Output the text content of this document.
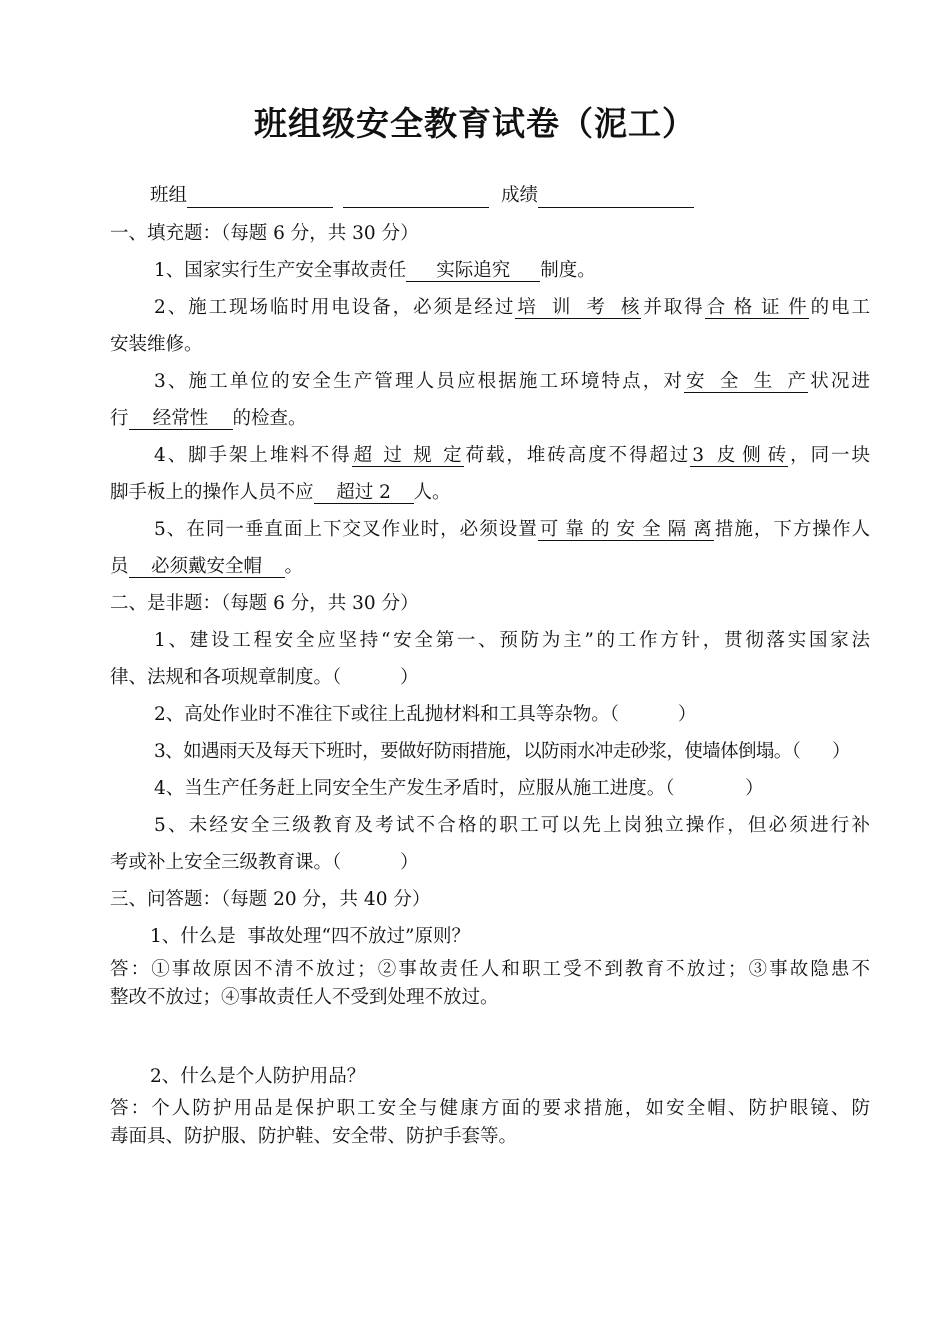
班组级安全教育试卷（泥工）
班组	成绩
一、填充题：（每题 6 分，共 30 分）
1、国家实行生产安全事故责任 实际追究 制度。
2、施工现场临时用电设备，必须是经过 培训考核 并取得 合格证件 的电工
安装维修。
3、施工单位的安全生产管理人员应根据施工环境特点，对 安全生产 状况进
行 经常性 的检查。
4、脚手架上堆料不得 超过规定 荷载，堆砖高度不得超过 3 皮侧砖 ，同一块
脚手板上的操作人员不应 超过 2 人。
5、在同一垂直面上下交叉作业时，必须设置 可靠的安全隔离 措施，下方操作人
员 必须戴安全帽 。
二、是非题：（每题 6 分，共 30 分）
1、建设工程安全应坚持“安全第一、预防为主”的工作方针，贯彻落实国家法
律、法规和各项规章制度。（          ）
2、高处作业时不准往下或往上乱抛材料和工具等杂物。（          ）
3、如遇雨天及每天下班时，要做好防雨措施，以防雨水冲走砂浆，使墙体倒塌。（      ）
4、当生产任务赶上同安全生产发生矛盾时，应服从施工进度。（            ）
5、未经安全三级教育及考试不合格的职工可以先上岗独立操作，但必须进行补
考或补上安全三级教育课。（          ）
三、问答题：（每题 20 分，共 40 分）
1、什么是  事故处理“四不放过”原则？
答：①事故原因不清不放过；②事故责任人和职工受不到教育不放过；③事故隐患不
整改不放过；④事故责任人不受到处理不放过。
2、什么是个人防护用品？
答：个人防护用品是保护职工安全与健康方面的要求措施，如安全帽、防护眼镜、防
毒面具、防护服、防护鞋、安全带、防护手套等。
